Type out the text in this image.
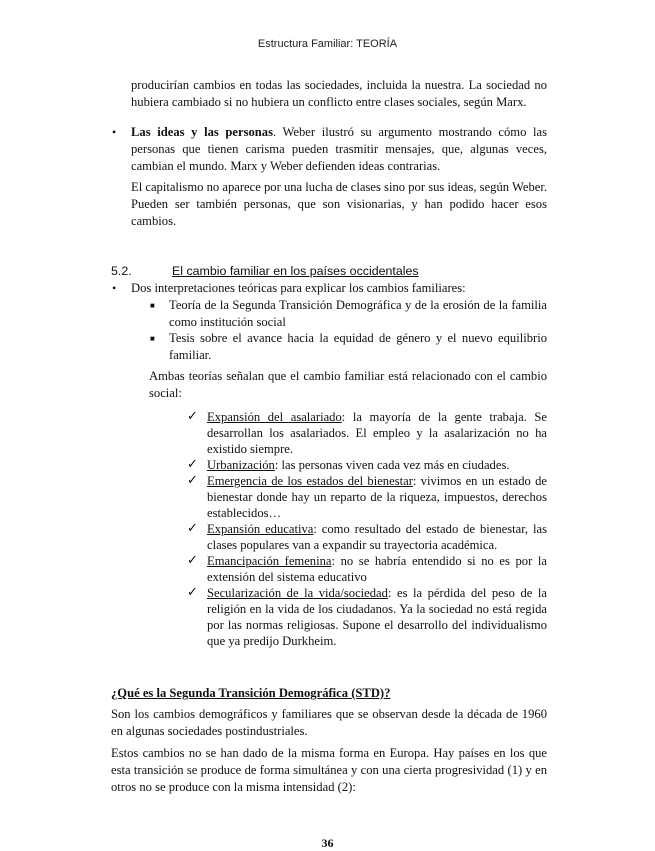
Estructura Familiar: TEORÍA
producirían cambios en todas las sociedades, incluida la nuestra. La sociedad no hubiera cambiado si no hubiera un conflicto entre clases sociales, según Marx.
• Las ideas y las personas. Weber ilustró su argumento mostrando cómo las personas que tienen carisma pueden trasmitir mensajes, que, algunas veces, cambian el mundo. Marx y Weber defienden ideas contrarias.
El capitalismo no aparece por una lucha de clases sino por sus ideas, según Weber. Pueden ser también personas, que son visionarias, y han podido hacer esos cambios.
5.2.	El cambio familiar en los países occidentales
• Dos interpretaciones teóricas para explicar los cambios familiares:
■ Teoría de la Segunda Transición Demográfica y de la erosión de la familia como institución social
■ Tesis sobre el avance hacia la equidad de género y el nuevo equilibrio familiar.
Ambas teorías señalan que el cambio familiar está relacionado con el cambio social:
✓ Expansión del asalariado: la mayoría de la gente trabaja. Se desarrollan los asalariados. El empleo y la asalarización no ha existido siempre.
✓ Urbanización: las personas viven cada vez más en ciudades.
✓ Emergencia de los estados del bienestar: vivimos en un estado de bienestar donde hay un reparto de la riqueza, impuestos, derechos establecidos…
✓ Expansión educativa: como resultado del estado de bienestar, las clases populares van a expandir su trayectoria académica.
✓ Emancipación femenina: no se habría entendido si no es por la extensión del sistema educativo
✓ Secularización de la vida/sociedad: es la pérdida del peso de la religión en la vida de los ciudadanos. Ya la sociedad no está regida por las normas religiosas. Supone el desarrollo del individualismo que ya predijo Durkheim.
¿Qué es la Segunda Transición Demográfica (STD)?
Son los cambios demográficos y familiares que se observan desde la década de 1960 en algunas sociedades postindustriales.
Estos cambios no se han dado de la misma forma en Europa. Hay países en los que esta transición se produce de forma simultánea y con una cierta progresividad (1) y en otros no se produce con la misma intensidad (2):
36
